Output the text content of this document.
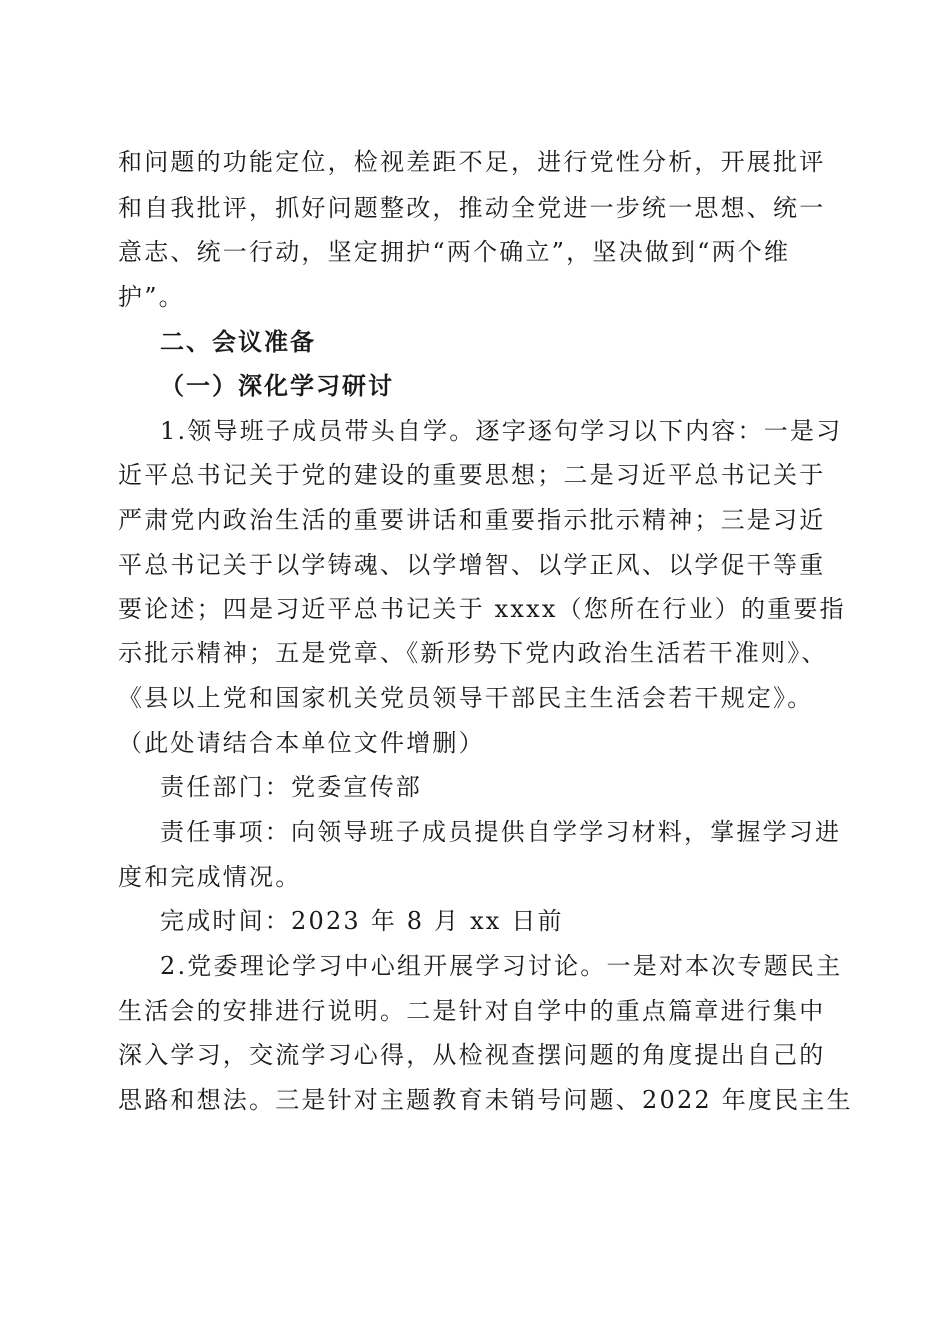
和问题的功能定位，检视差距不足，进行党性分析，开展批评
和自我批评，抓好问题整改，推动全党进一步统一思想、统一
意志、统一行动，坚定拥护“两个确立”，坚决做到“两个维
护”。
二、会议准备
（一）深化学习研讨
1.领导班子成员带头自学。逐字逐句学习以下内容：一是习
近平总书记关于党的建设的重要思想；二是习近平总书记关于
严肃党内政治生活的重要讲话和重要指示批示精神；三是习近
平总书记关于以学铸魂、以学增智、以学正风、以学促干等重
要论述；四是习近平总书记关于 xxxx（您所在行业）的重要指
示批示精神；五是党章、《新形势下党内政治生活若干准则》、
《县以上党和国家机关党员领导干部民主生活会若干规定》。
（此处请结合本单位文件增删）
责任部门：党委宣传部
责任事项：向领导班子成员提供自学学习材料，掌握学习进
度和完成情况。
完成时间：2023 年 8 月 xx 日前
2.党委理论学习中心组开展学习讨论。一是对本次专题民主
生活会的安排进行说明。二是针对自学中的重点篇章进行集中
深入学习，交流学习心得，从检视查摆问题的角度提出自己的
思路和想法。三是针对主题教育未销号问题、2022 年度民主生
